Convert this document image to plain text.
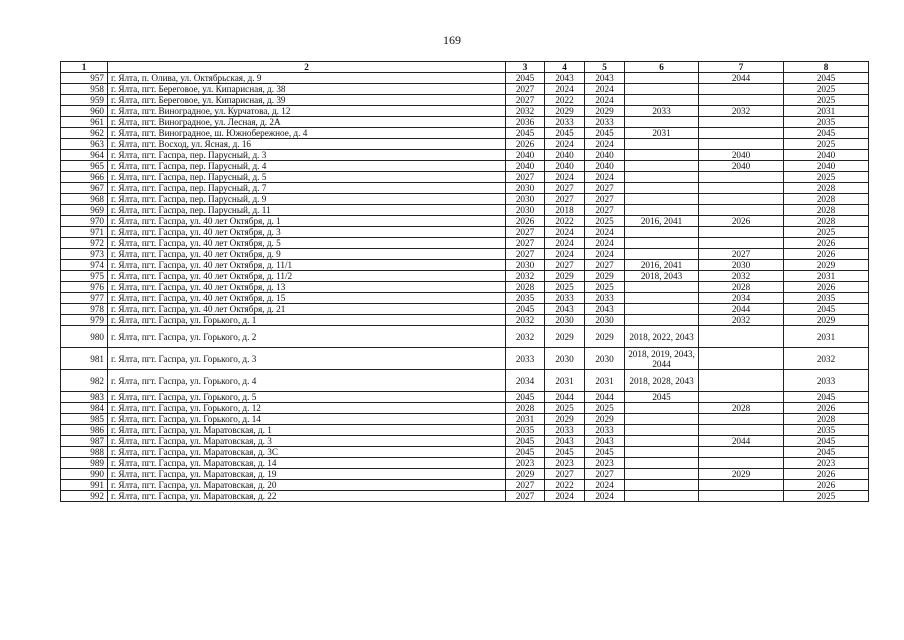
169
1	2	3	4	5	6	7	8
957	г. Ялта, п. Олива, ул. Октябрьская, д. 9	2045	2043	2043		2044	2045
958	г. Ялта, пгт. Береговое, ул. Кипарисная, д. 38	2027	2024	2024			2025
959	г. Ялта, пгт. Береговое, ул. Кипарисная, д. 39	2027	2022	2024			2025
960	г. Ялта, пгт. Виноградное, ул. Курчатова, д. 12	2032	2029	2029	2033	2032	2031
961	г. Ялта, пгт. Виноградное, ул. Лесная, д. 2А	2036	2033	2033			2035
962	г. Ялта, пгт. Виноградное, ш. Южнобережное, д. 4	2045	2045	2045	2031		2045
963	г. Ялта, пгт. Восход, ул. Ясная, д. 16	2026	2024	2024			2025
964	г. Ялта, пгт. Гаспра, пер. Парусный, д. 3	2040	2040	2040		2040	2040
965	г. Ялта, пгт. Гаспра, пер. Парусный, д. 4	2040	2040	2040		2040	2040
966	г. Ялта, пгт. Гаспра, пер. Парусный, д. 5	2027	2024	2024			2025
967	г. Ялта, пгт. Гаспра, пер. Парусный, д. 7	2030	2027	2027			2028
968	г. Ялта, пгт. Гаспра, пер. Парусный, д. 9	2030	2027	2027			2028
969	г. Ялта, пгт. Гаспра, пер. Парусный, д. 11	2030	2018	2027			2028
970	г. Ялта, пгт. Гаспра, ул. 40 лет Октября, д. 1	2026	2022	2025	2016, 2041	2026	2028
971	г. Ялта, пгт. Гаспра, ул. 40 лет Октября, д. 3	2027	2024	2024			2025
972	г. Ялта, пгт. Гаспра, ул. 40 лет Октября, д. 5	2027	2024	2024			2026
973	г. Ялта, пгт. Гаспра, ул. 40 лет Октября, д. 9	2027	2024	2024		2027	2026
974	г. Ялта, пгт. Гаспра, ул. 40 лет Октября, д. 11/1	2030	2027	2027	2016, 2041	2030	2029
975	г. Ялта, пгт. Гаспра, ул. 40 лет Октября, д. 11/2	2032	2029	2029	2018, 2043	2032	2031
976	г. Ялта, пгт. Гаспра, ул. 40 лет Октября, д. 13	2028	2025	2025		2028	2026
977	г. Ялта, пгт. Гаспра, ул. 40 лет Октября, д. 15	2035	2033	2033		2034	2035
978	г. Ялта, пгт. Гаспра, ул. 40 лет Октября, д. 21	2045	2043	2043		2044	2045
979	г. Ялта, пгт. Гаспра, ул. Горького, д. 1	2032	2030	2030		2032	2029
980	г. Ялта, пгт. Гаспра, ул. Горького, д. 2	2032	2029	2029	2018, 2022, 2043		2031
981	г. Ялта, пгт. Гаспра, ул. Горького, д. 3	2033	2030	2030	2018, 2019, 2043, 2044		2032
982	г. Ялта, пгт. Гаспра, ул. Горького, д. 4	2034	2031	2031	2018, 2028, 2043		2033
983	г. Ялта, пгт. Гаспра, ул. Горького, д. 5	2045	2044	2044	2045		2045
984	г. Ялта, пгт. Гаспра, ул. Горького, д. 12	2028	2025	2025		2028	2026
985	г. Ялта, пгт. Гаспра, ул. Горького, д. 14	2031	2029	2029			2028
986	г. Ялта, пгт. Гаспра, ул. Маратовская, д. 1	2035	2033	2033			2035
987	г. Ялта, пгт. Гаспра, ул. Маратовская, д. 3	2045	2043	2043		2044	2045
988	г. Ялта, пгт. Гаспра, ул. Маратовская, д. 3С	2045	2045	2045			2045
989	г. Ялта, пгт. Гаспра, ул. Маратовская, д. 14	2023	2023	2023			2023
990	г. Ялта, пгт. Гаспра, ул. Маратовская, д. 19	2029	2027	2027		2029	2026
991	г. Ялта, пгт. Гаспра, ул. Маратовская, д. 20	2027	2022	2024			2026
992	г. Ялта, пгт. Гаспра, ул. Маратовская, д. 22	2027	2024	2024			2025
